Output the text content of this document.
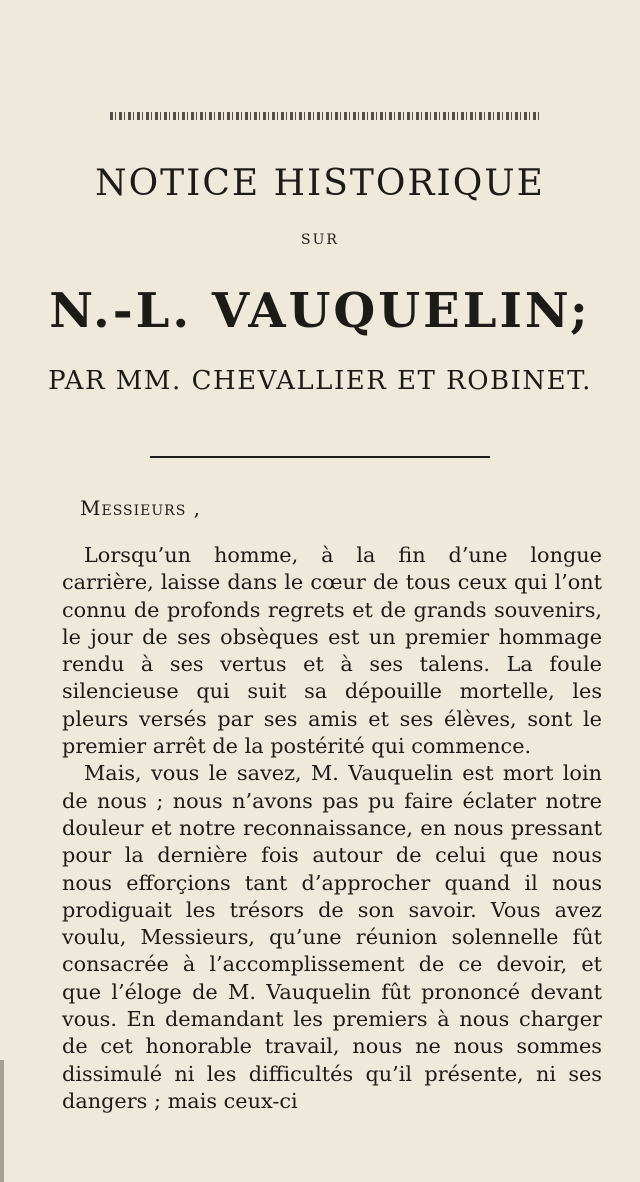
NOTICE HISTORIQUE
SUR
N.-L. VAUQUELIN;
PAR MM. CHEVALLIER ET ROBINET.
Messieurs ,

Lorsqu’un homme, à la fin d’une longue carrière, laisse dans le cœur de tous ceux qui l’ont connu de profonds regrets et de grands souvenirs, le jour de ses obsèques est un premier hommage rendu à ses vertus et à ses talens. La foule silencieuse qui suit sa dépouille mortelle, les pleurs versés par ses amis et ses élèves, sont le premier arrêt de la postérité qui commence.

Mais, vous le savez, M. Vauquelin est mort loin de nous ; nous n’avons pas pu faire éclater notre douleur et notre reconnaissance, en nous pressant pour la dernière fois autour de celui que nous nous efforçions tant d’approcher quand il nous prodiguait les trésors de son savoir. Vous avez voulu, Messieurs, qu’une réunion solennelle fût consacrée à l’accomplissement de ce devoir, et que l’éloge de M. Vauquelin fût prononcé devant vous. En demandant les premiers à nous charger de cet honorable travail, nous ne nous sommes dissimulé ni les difficultés qu’il présente, ni ses dangers ; mais ceux-ci
